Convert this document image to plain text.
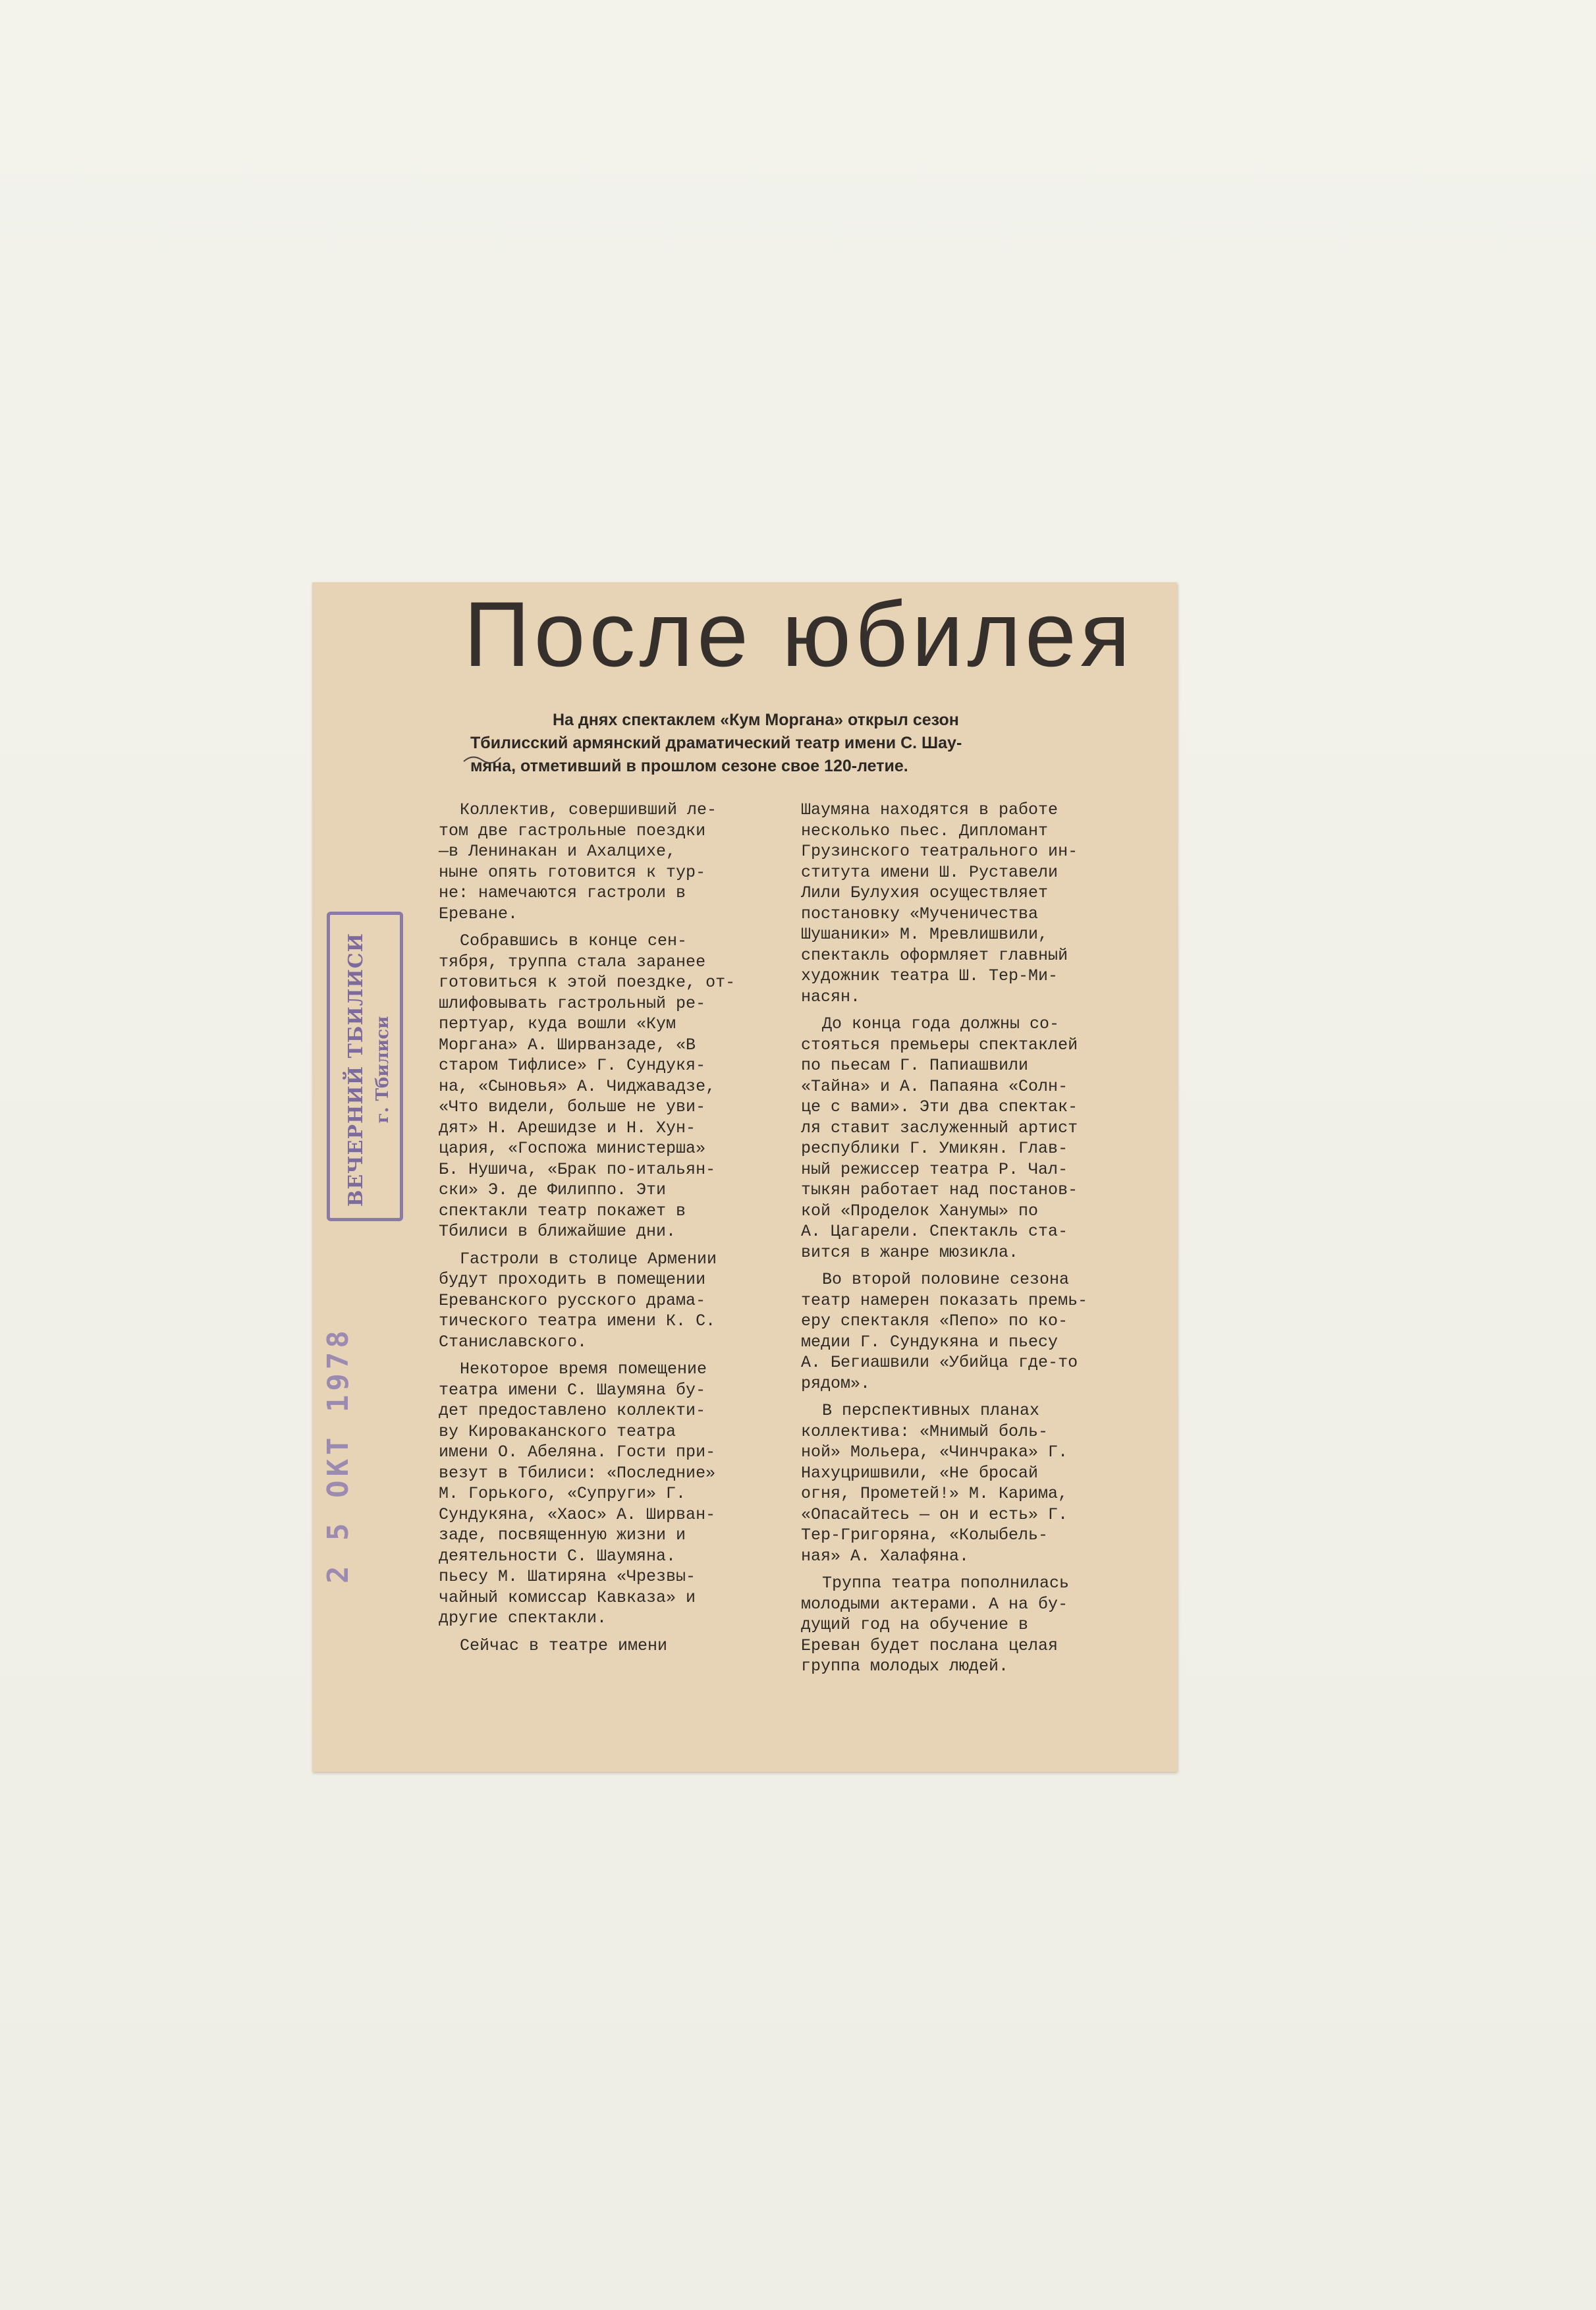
После юбилея
На днях спектаклем «Кум Моргана» открыл сезон
Тбилисский армянский драматический театр имени С. Шау-
мяна, отметивший в прошлом сезоне свое 120-летие.
ВЕЧЕРНИЙ ТБИЛИСИ г. Тбилиси
2 5 ОКТ 1978

Коллектив, совершивший ле-
том две гастрольные поездки
—в Ленинакан и Ахалцихе,
ныне опять готовится к тур-
не: намечаются гастроли в
Ереване.

Собравшись в конце сен-
тября, труппа стала заранее
готовиться к этой поездке, от-
шлифовывать гастрольный ре-
пертуар, куда вошли «Кум
Моргана» А. Ширванзаде, «В
старом Тифлисе» Г. Сундукя-
на, «Сыновья» А. Чиджавадзе,
«Что видели, больше не уви-
дят» Н. Арешидзе и Н. Хун-
цария, «Госпожа министерша»
Б. Нушича, «Брак по-итальян-
ски» Э. де Филиппо. Эти
спектакли театр покажет в
Тбилиси в ближайшие дни.

Гастроли в столице Армении
будут проходить в помещении
Ереванского русского драма-
тического театра имени К. С.
Станиславского.

Некоторое время помещение
театра имени С. Шаумяна бу-
дет предоставлено коллекти-
ву Кироваканского театра
имени О. Абеляна. Гости при-
везут в Тбилиси: «Последние»
М. Горького, «Супруги» Г.
Сундукяна, «Хаос» А. Ширван-
заде, посвященную жизни и
деятельности С. Шаумяна.
пьесу М. Шатиряна «Чрезвы-
чайный комиссар Кавказа» и
другие спектакли.

Сейчас в театре имени

Шаумяна находятся в работе
несколько пьес. Дипломант
Грузинского театрального ин-
ститута имени Ш. Руставели
Лили Булухия осуществляет
постановку «Мученичества
Шушаники» М. Мревлишвили,
спектакль оформляет главный
художник театра Ш. Тер-Ми-
насян.

До конца года должны со-
стояться премьеры спектаклей
по пьесам Г. Папиашвили
«Тайна» и А. Папаяна «Солн-
це с вами». Эти два спектак-
ля ставит заслуженный артист
республики Г. Умикян. Глав-
ный режиссер театра Р. Чал-
тыкян работает над постанов-
кой «Проделок Ханумы» по
А. Цагарели. Спектакль ста-
вится в жанре мюзикла.

Во второй половине сезона
театр намерен показать премь-
еру спектакля «Пепо» по ко-
медии Г. Сундукяна и пьесу
А. Бегиашвили «Убийца где-то
рядом».

В перспективных планах
коллектива: «Мнимый боль-
ной» Мольера, «Чинчрака» Г.
Нахуцришвили, «Не бросай
огня, Прометей!» М. Карима,
«Опасайтесь — он и есть» Г.
Тер-Григоряна, «Колыбель-
ная» А. Халафяна.

Труппа театра пополнилась
молодыми актерами. А на бу-
дущий год на обучение в
Ереван будет послана целая
группа молодых людей.
